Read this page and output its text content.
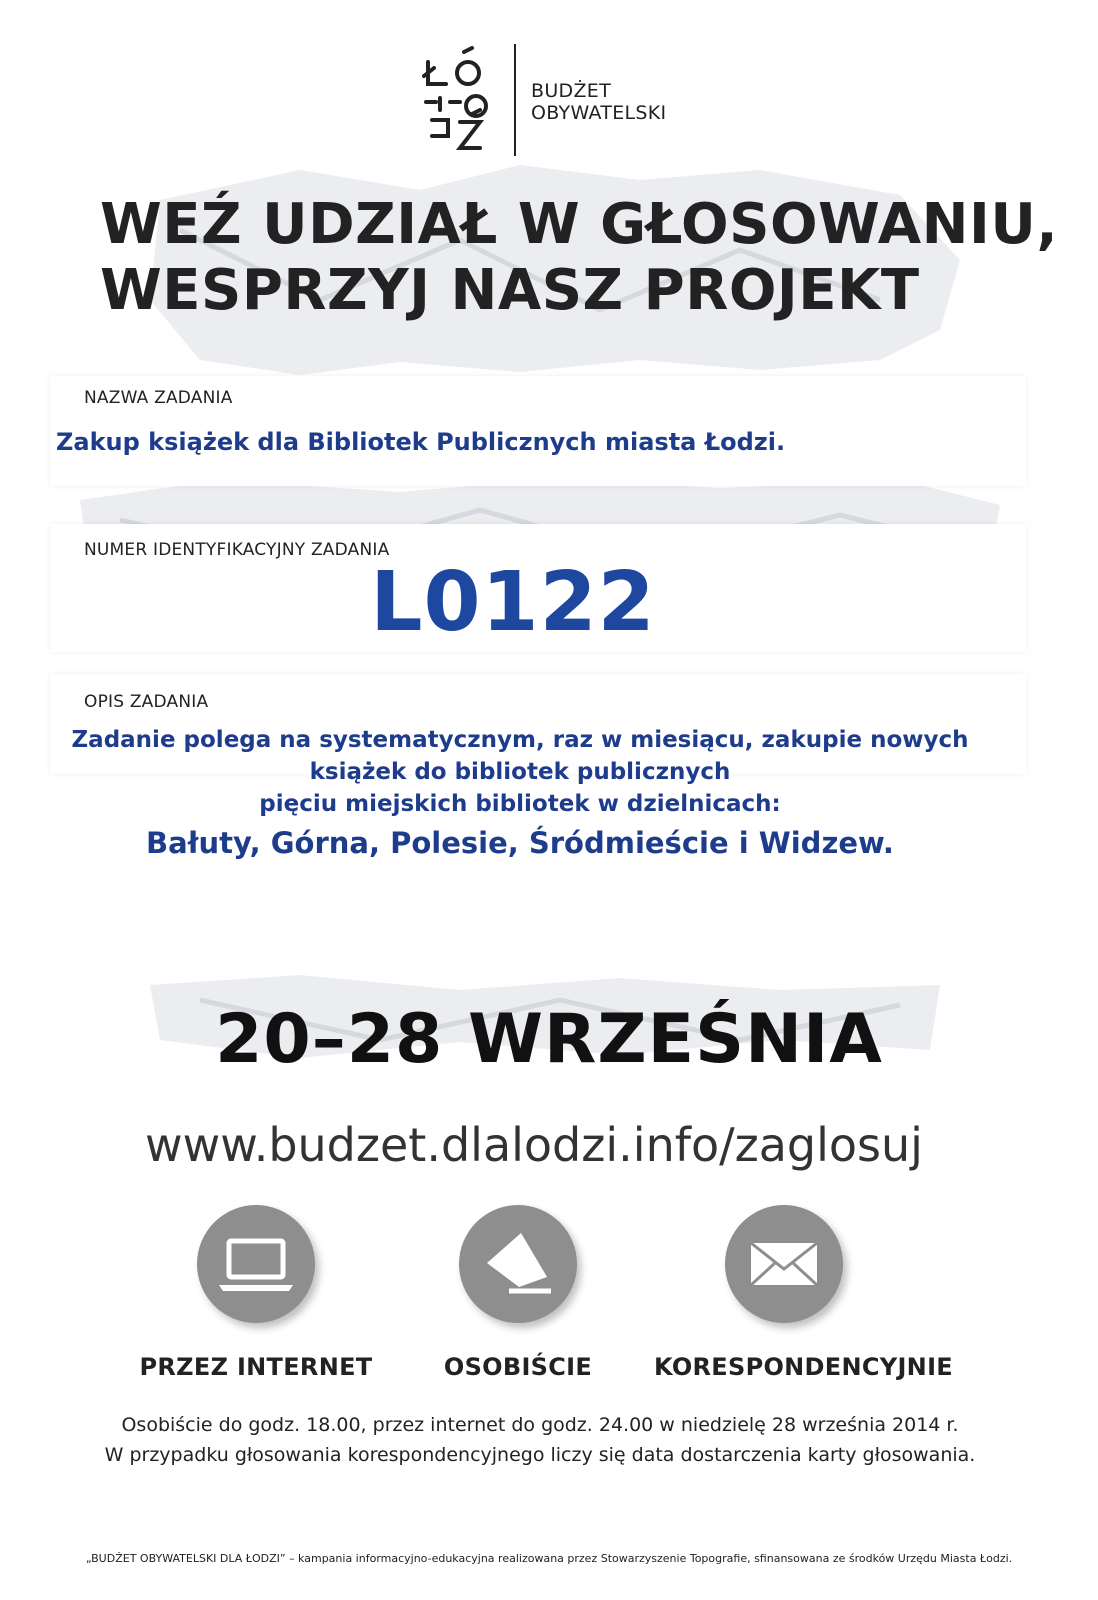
BUDŻET
OBYWATELSKI
WEŹ UDZIAŁ W GŁOSOWANIU,
WESPRZYJ NASZ PROJEKT
NAZWA ZADANIA
Zakup książek dla Bibliotek Publicznych miasta Łodzi.
NUMER IDENTYFIKACYJNY ZADANIA
L0122
OPIS ZADANIA
Zadanie polega na systematycznym, raz w miesiącu, zakupie nowych
książek do bibliotek publicznych
pięciu miejskich bibliotek w dzielnicach:
Bałuty, Górna, Polesie, Śródmieście i Widzew.
20–28 WRZEŚNIA
www.budzet.dlalodzi.info/zaglosuj
PRZEZ INTERNET	OSOBIŚCIE	KORESPONDENCYJNIE
Osobiście do godz. 18.00, przez internet do godz. 24.00 w niedzielę 28 września 2014 r.
W przypadku głosowania korespondencyjnego liczy się data dostarczenia karty głosowania.
„BUDŻET OBYWATELSKI DLA ŁODZI” – kampania informacyjno-edukacyjna realizowana przez Stowarzyszenie Topografie, sfinansowana ze środków Urzędu Miasta Łodzi.
